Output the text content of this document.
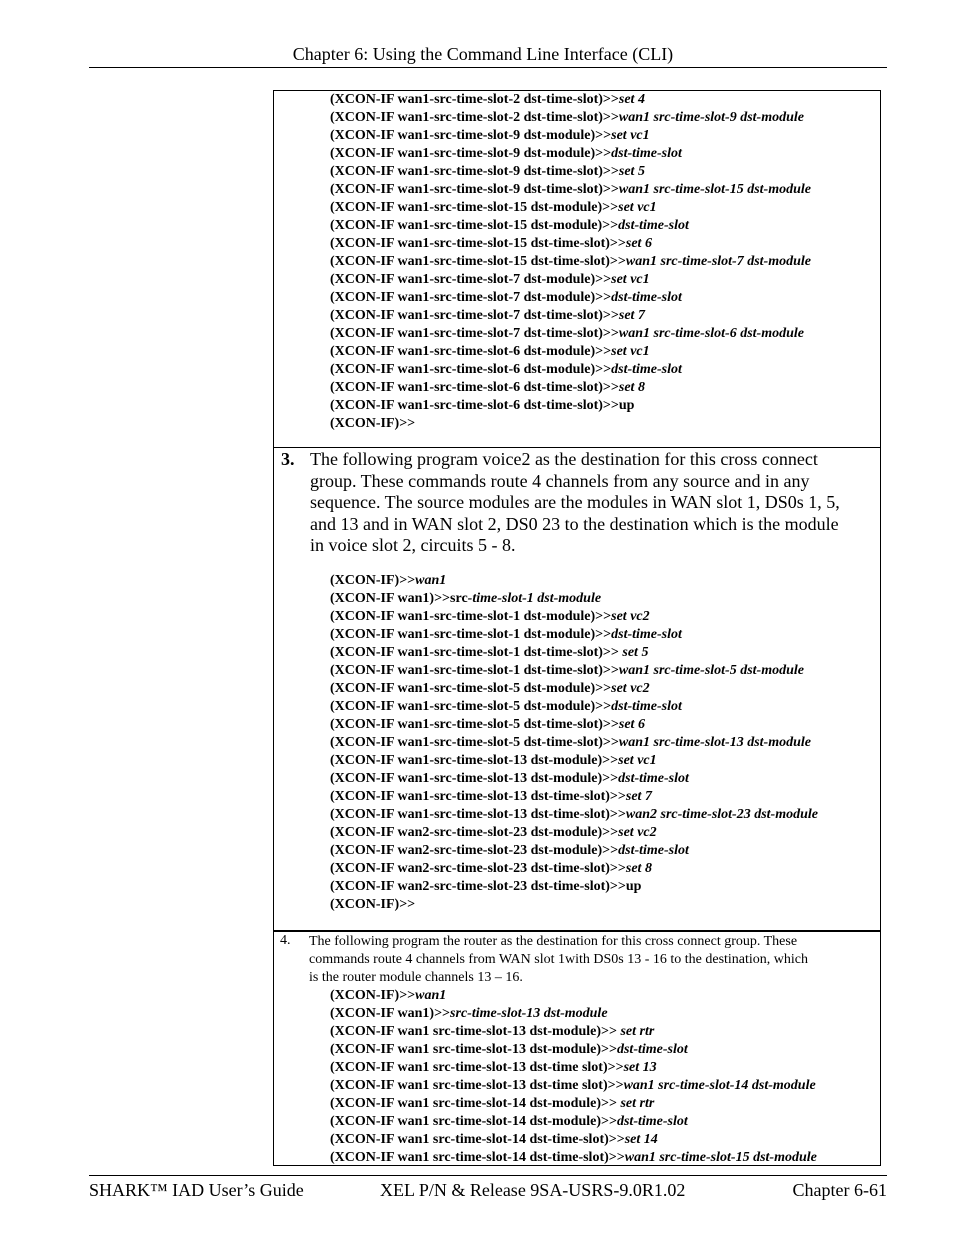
Chapter 6: Using the Command Line Interface (CLI)
(XCON-IF wan1-src-time-slot-2 dst-time-slot)>>set 4
(XCON-IF wan1-src-time-slot-2 dst-time-slot)>>wan1 src-time-slot-9 dst-module
(XCON-IF wan1-src-time-slot-9 dst-module)>>set vc1
(XCON-IF wan1-src-time-slot-9 dst-module)>>dst-time-slot
(XCON-IF wan1-src-time-slot-9 dst-time-slot)>>set 5
(XCON-IF wan1-src-time-slot-9 dst-time-slot)>>wan1 src-time-slot-15 dst-module
(XCON-IF wan1-src-time-slot-15 dst-module)>>set vc1
(XCON-IF wan1-src-time-slot-15 dst-module)>>dst-time-slot
(XCON-IF wan1-src-time-slot-15 dst-time-slot)>>set 6
(XCON-IF wan1-src-time-slot-15 dst-time-slot)>>wan1 src-time-slot-7 dst-module
(XCON-IF wan1-src-time-slot-7 dst-module)>>set vc1
(XCON-IF wan1-src-time-slot-7 dst-module)>>dst-time-slot
(XCON-IF wan1-src-time-slot-7 dst-time-slot)>>set 7
(XCON-IF wan1-src-time-slot-7 dst-time-slot)>>wan1 src-time-slot-6 dst-module
(XCON-IF wan1-src-time-slot-6 dst-module)>>set vc1
(XCON-IF wan1-src-time-slot-6 dst-module)>>dst-time-slot
(XCON-IF wan1-src-time-slot-6 dst-time-slot)>>set 8
(XCON-IF wan1-src-time-slot-6 dst-time-slot)>>up
(XCON-IF)>>
3. The following program voice2 as the destination for this cross connect
group. These commands route 4 channels from any source and in any
sequence. The source modules are the modules in WAN slot 1, DS0s 1, 5,
and 13 and in WAN slot 2, DS0 23 to the destination which is the module
in voice slot 2, circuits 5 - 8.
(XCON-IF)>>wan1
(XCON-IF wan1)>>src-time-slot-1 dst-module
(XCON-IF wan1-src-time-slot-1 dst-module)>>set vc2
(XCON-IF wan1-src-time-slot-1 dst-module)>>dst-time-slot
(XCON-IF wan1-src-time-slot-1 dst-time-slot)>> set 5
(XCON-IF wan1-src-time-slot-1 dst-time-slot)>>wan1 src-time-slot-5 dst-module
(XCON-IF wan1-src-time-slot-5 dst-module)>>set vc2
(XCON-IF wan1-src-time-slot-5 dst-module)>>dst-time-slot
(XCON-IF wan1-src-time-slot-5 dst-time-slot)>>set 6
(XCON-IF wan1-src-time-slot-5 dst-time-slot)>>wan1 src-time-slot-13 dst-module
(XCON-IF wan1-src-time-slot-13 dst-module)>>set vc1
(XCON-IF wan1-src-time-slot-13 dst-module)>>dst-time-slot
(XCON-IF wan1-src-time-slot-13 dst-time-slot)>>set 7
(XCON-IF wan1-src-time-slot-13 dst-time-slot)>>wan2 src-time-slot-23 dst-module
(XCON-IF wan2-src-time-slot-23 dst-module)>>set vc2
(XCON-IF wan2-src-time-slot-23 dst-module)>>dst-time-slot
(XCON-IF wan2-src-time-slot-23 dst-time-slot)>>set 8
(XCON-IF wan2-src-time-slot-23 dst-time-slot)>>up
(XCON-IF)>>
4. The following program the router as the destination for this cross connect group. These
commands route 4 channels from WAN slot 1with DS0s 13 - 16 to the destination, which
is the router module channels 13 – 16.
(XCON-IF)>>wan1
(XCON-IF wan1)>>src-time-slot-13 dst-module
(XCON-IF wan1 src-time-slot-13 dst-module)>> set rtr
(XCON-IF wan1 src-time-slot-13 dst-module)>>dst-time-slot
(XCON-IF wan1 src-time-slot-13 dst-time slot)>>set 13
(XCON-IF wan1 src-time-slot-13 dst-time slot)>>wan1 src-time-slot-14 dst-module
(XCON-IF wan1 src-time-slot-14 dst-module)>> set rtr
(XCON-IF wan1 src-time-slot-14 dst-module)>>dst-time-slot
(XCON-IF wan1 src-time-slot-14 dst-time-slot)>>set 14
(XCON-IF wan1 src-time-slot-14 dst-time-slot)>>wan1 src-time-slot-15 dst-module
SHARK™ IAD User’s Guide	XEL P/N & Release 9SA-USRS-9.0R1.02	Chapter 6-61
